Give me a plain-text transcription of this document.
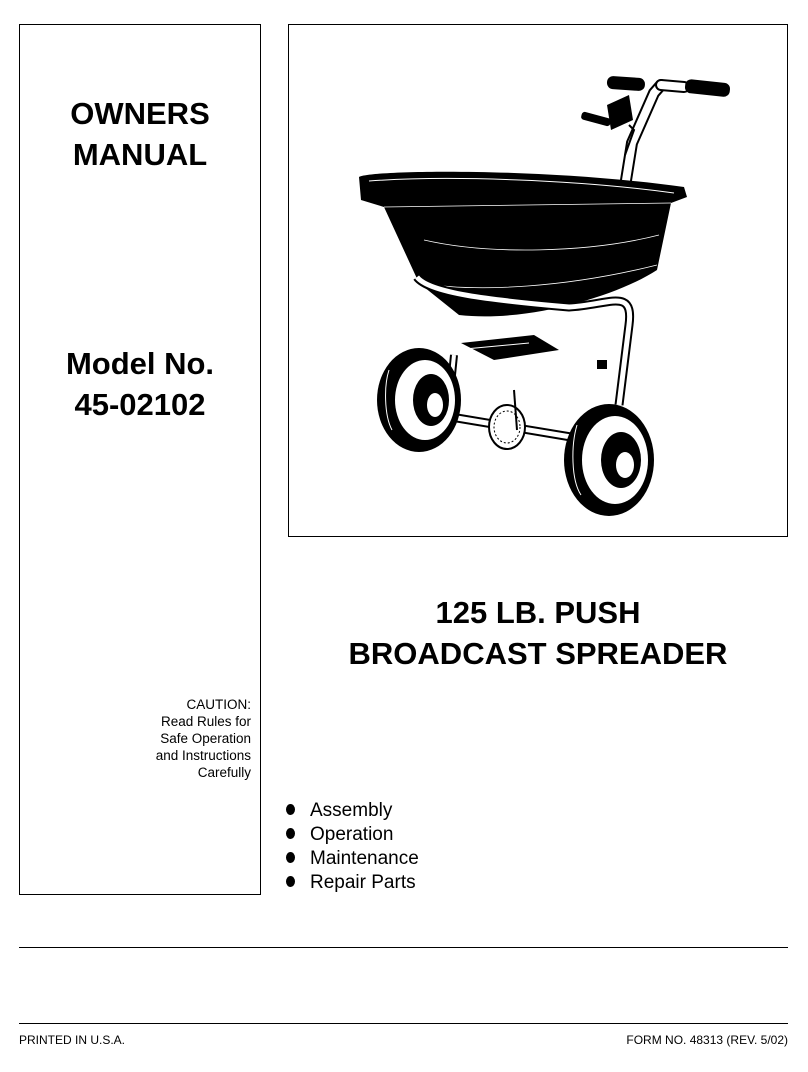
OWNERS
MANUAL
Model No.
45-02102
CAUTION:
Read Rules for
Safe Operation
and Instructions
Carefully
125 LB. PUSH
BROADCAST SPREADER
Assembly
Operation
Maintenance
Repair Parts
PRINTED IN U.S.A.	FORM NO. 48313 (REV. 5/02)
